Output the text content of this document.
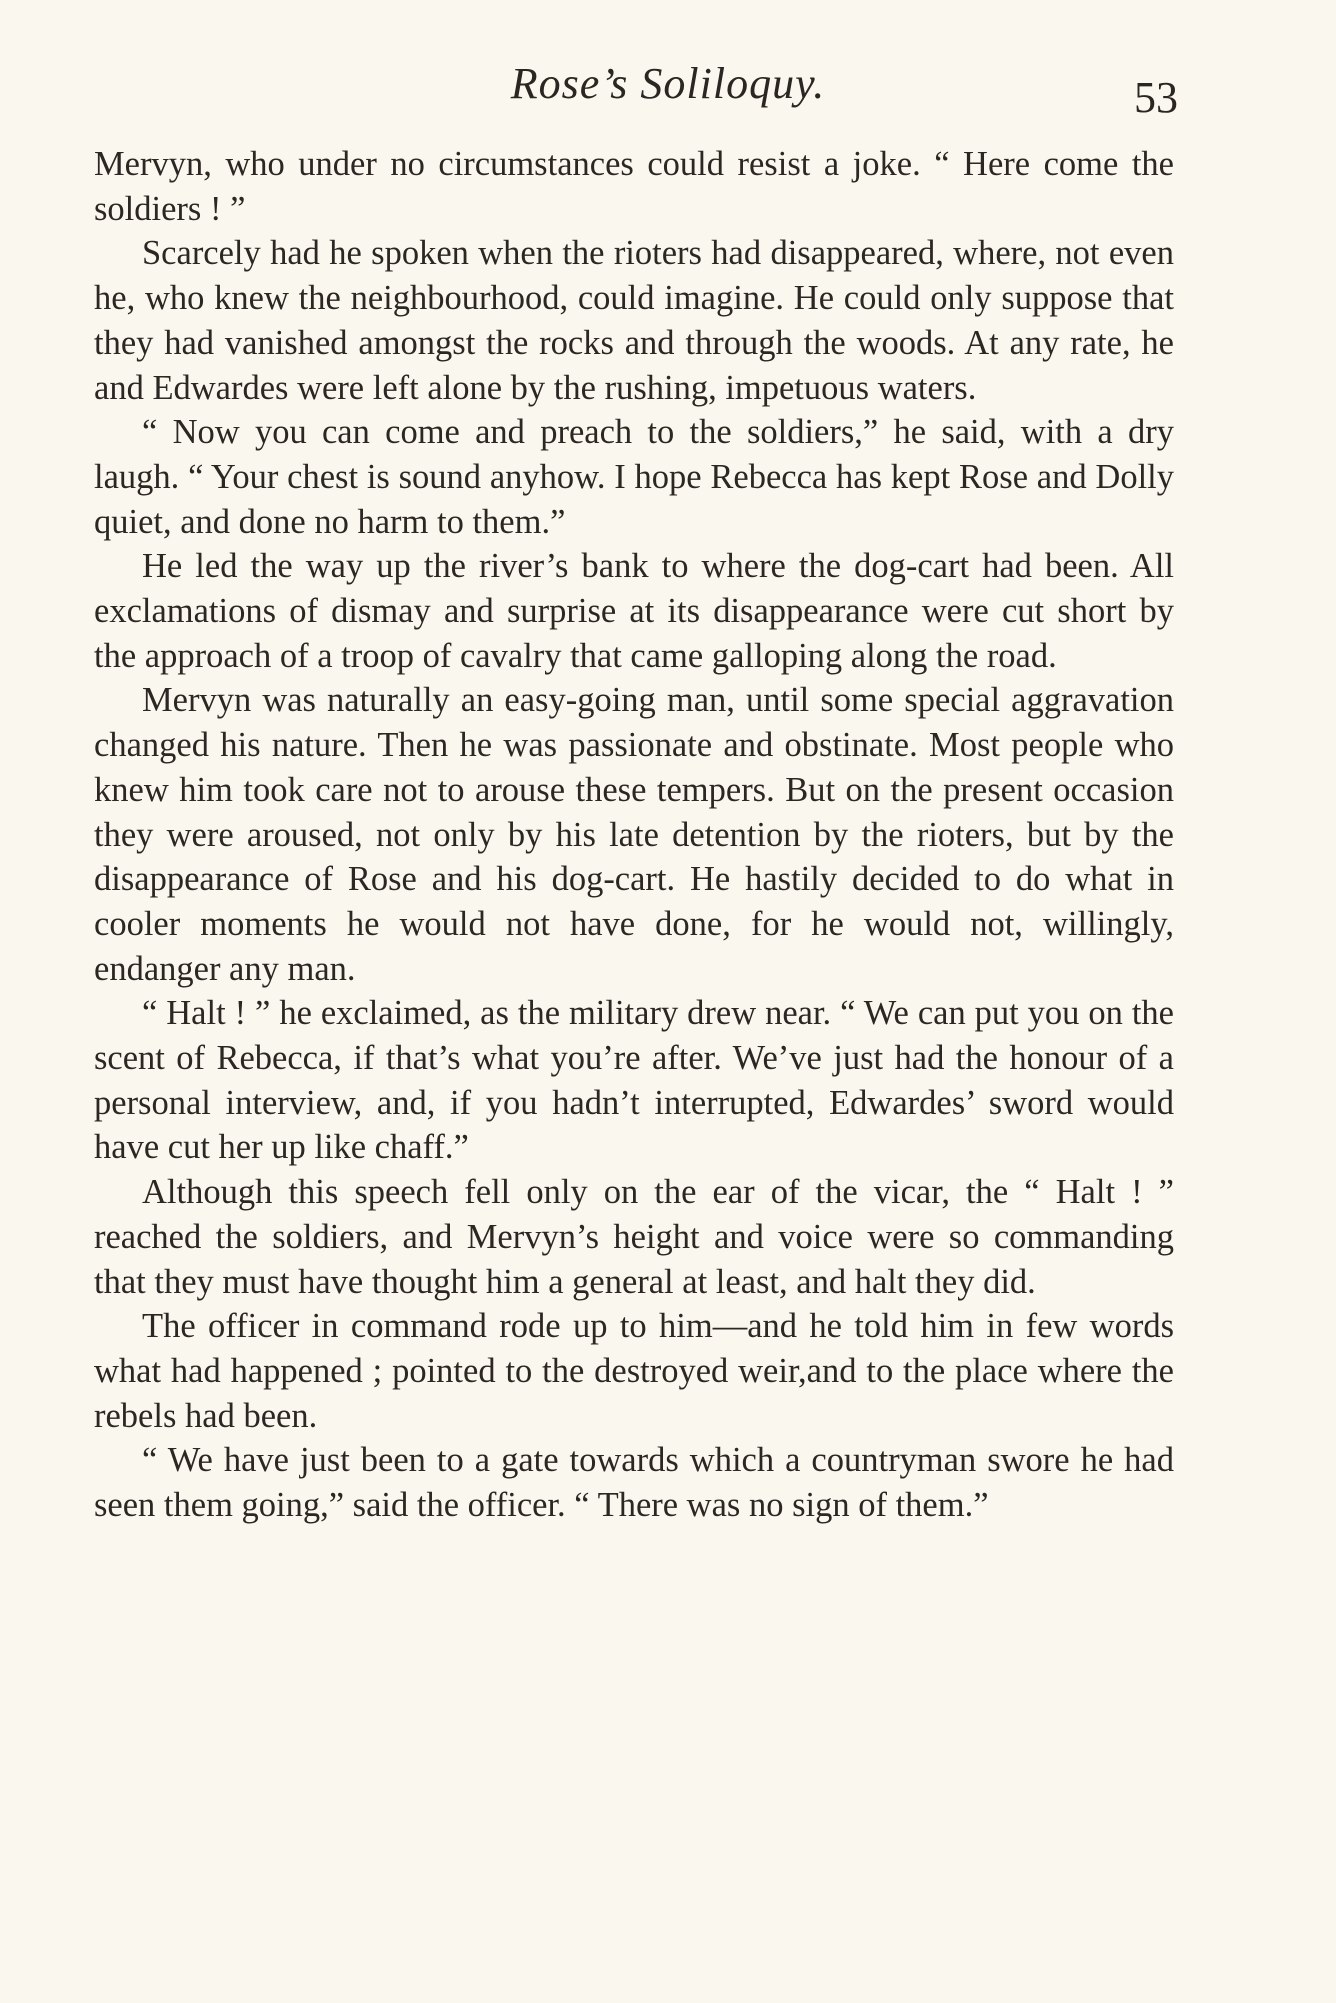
Rose’s Soliloquy.	53

Mervyn, who under no circumstances could resist a joke. “ Here come the soldiers ! ”

Scarcely had he spoken when the rioters had disappeared, where, not even he, who knew the neighbourhood, could imagine. He could only suppose that they had vanished amongst the rocks and through the woods. At any rate, he and Edwardes were left alone by the rushing, impetuous waters.

“ Now you can come and preach to the soldiers,” he said, with a dry laugh. “ Your chest is sound anyhow. I hope Rebecca has kept Rose and Dolly quiet, and done no harm to them.”

He led the way up the river’s bank to where the dog-cart had been. All exclamations of dismay and surprise at its disappearance were cut short by the approach of a troop of cavalry that came galloping along the road.

Mervyn was naturally an easy-going man, until some special aggravation changed his nature. Then he was passionate and obstinate. Most people who knew him took care not to arouse these tempers. But on the present occasion they were aroused, not only by his late detention by the rioters, but by the disappearance of Rose and his dog-cart. He hastily decided to do what in cooler moments he would not have done, for he would not, willingly, endanger any man.

“ Halt ! ” he exclaimed, as the military drew near. “ We can put you on the scent of Rebecca, if that’s what you’re after. We’ve just had the honour of a personal interview, and, if you hadn’t interrupted, Edwardes’ sword would have cut her up like chaff.”

Although this speech fell only on the ear of the vicar, the “ Halt ! ” reached the soldiers, and Mervyn’s height and voice were so commanding that they must have thought him a general at least, and halt they did.

The officer in command rode up to him—and he told him in few words what had happened ; pointed to the destroyed weir,and to the place where the rebels had been.

“ We have just been to a gate towards which a countryman swore he had seen them going,” said the officer. “ There was no sign of them.”
